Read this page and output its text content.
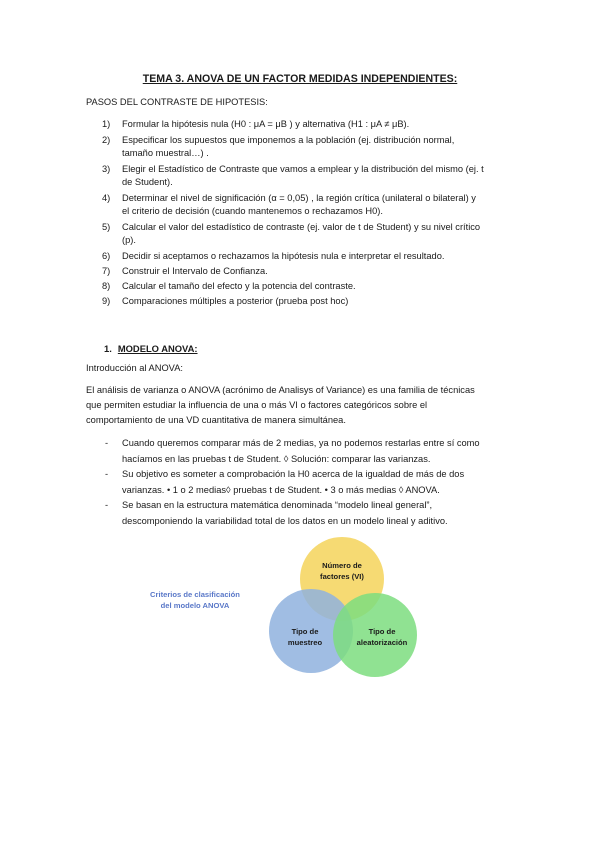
TEMA 3. ANOVA DE UN FACTOR MEDIDAS INDEPENDIENTES:
PASOS DEL CONTRASTE DE HIPOTESIS:
1)	Formular la hipótesis nula (H0 : μA = μB ) y alternativa (H1 : μA ≠ μB).
2)	Especificar los supuestos que imponemos a la población (ej. distribución normal,
tamaño muestral…) .
3)	Elegir el Estadístico de Contraste que vamos a emplear y la distribución del mismo (ej. t
de Student).
4)	Determinar el nivel de significación (α = 0,05) , la región crítica (unilateral o bilateral) y
el criterio de decisión (cuando mantenemos o rechazamos H0).
5)	Calcular el valor del estadístico de contraste (ej. valor de t de Student) y su nivel crítico
(p).
6)	Decidir si aceptamos o rechazamos la hipótesis nula e interpretar el resultado.
7)	Construir el Intervalo de Confianza.
8)	Calcular el tamaño del efecto y la potencia del contraste.
9)	Comparaciones múltiples a posterior (prueba post hoc)
1. MODELO ANOVA:
Introducción al ANOVA:
El análisis de varianza o ANOVA (acrónimo de Analisys of Variance) es una familia de técnicas
que permiten estudiar la influencia de una o más VI o factores categóricos sobre el
comportamiento de una VD cuantitativa de manera simultánea.
- Cuando queremos comparar más de 2 medias, ya no podemos restarlas entre sí como
hacíamos en las pruebas t de Student. ◊ Solución: comparar las varianzas.
- Su objetivo es someter a comprobación la H0 acerca de la igualdad de más de dos
varianzas. • 1 o 2 medias◊ pruebas t de Student. • 3 o más medias ◊ ANOVA.
- Se basan en la estructura matemática denominada “modelo lineal general”,
descomponiendo la variabilidad total de los datos en un modelo lineal y aditivo.
Criterios de clasificación
del modelo ANOVA
Número de
factores (VI)
Tipo de
muestreo
Tipo de
aleatorización
